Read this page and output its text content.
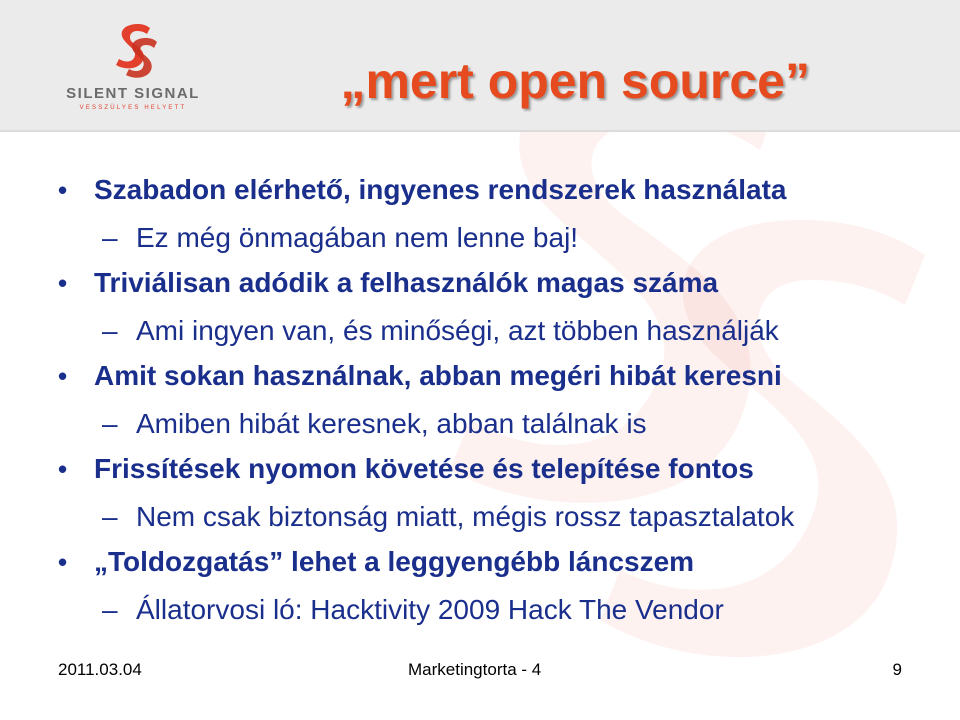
SILENT SIGNAL
VESSZÜLYES HELYETT	„mert open source”
• Szabadon elérhető, ingyenes rendszerek használata
– Ez még önmagában nem lenne baj!
• Triviálisan adódik a felhasználók magas száma
– Ami ingyen van, és minőségi, azt többen használják
• Amit sokan használnak, abban megéri hibát keresni
– Amiben hibát keresnek, abban találnak is
• Frissítések nyomon követése és telepítése fontos
– Nem csak biztonság miatt, mégis rossz tapasztalatok
• „Toldozgatás” lehet a leggyengébb láncszem
– Állatorvosi ló: Hacktivity 2009 Hack The Vendor
2011.03.04	Marketingtorta - 4	9
